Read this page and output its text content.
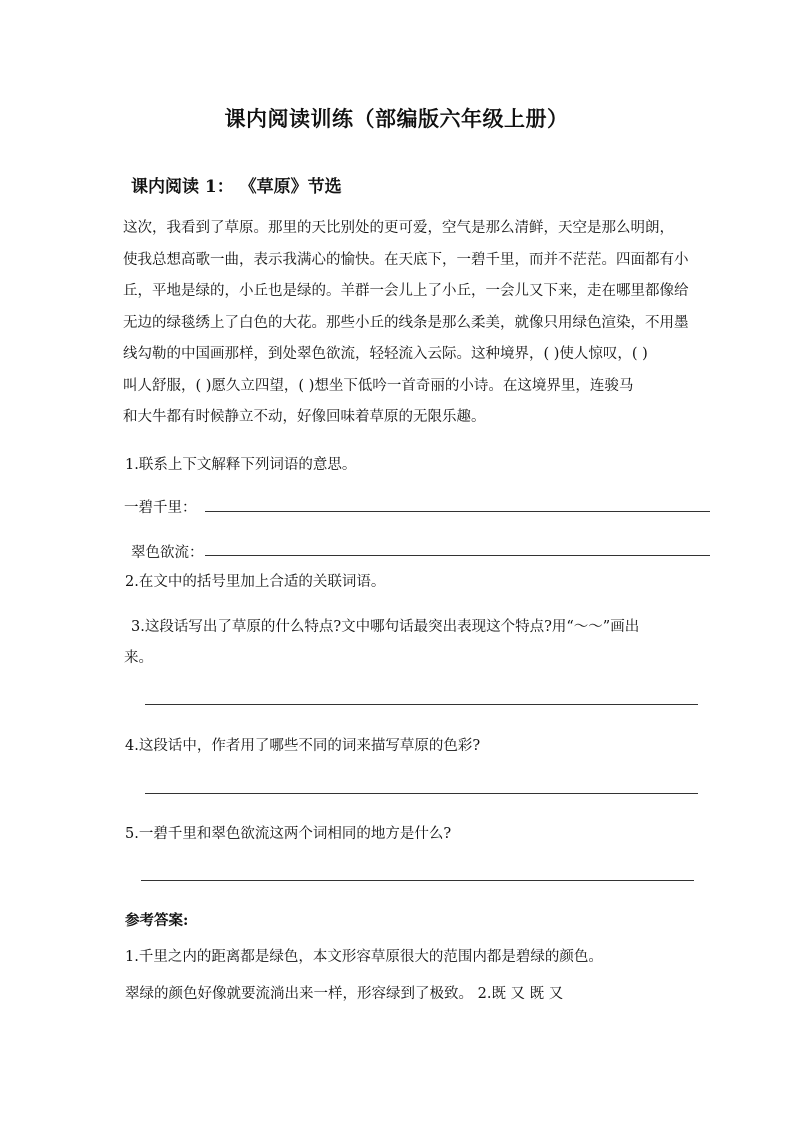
课内阅读训练（部编版六年级上册）
课内阅读 1： 《草原》节选
这次，我看到了草原。那里的天比别处的更可爱，空气是那么清鲜，天空是那么明朗，
使我总想高歌一曲，表示我满心的愉快。在天底下，一碧千里，而并不茫茫。四面都有小
丘，平地是绿的，小丘也是绿的。羊群一会儿上了小丘，一会儿又下来，走在哪里都像给
无边的绿毯绣上了白色的大花。那些小丘的线条是那么柔美，就像只用绿色渲染，不用墨
线勾勒的中国画那样，到处翠色欲流，轻轻流入云际。这种境界，( )使人惊叹，( )
叫人舒服，( )愿久立四望，( )想坐下低吟一首奇丽的小诗。在这境界里，连骏马
和大牛都有时候静立不动，好像回味着草原的无限乐趣。
1.联系上下文解释下列词语的意思。
一碧千里：
翠色欲流：
2.在文中的括号里加上合适的关联词语。
3.这段话写出了草原的什么特点?文中哪句话最突出表现这个特点?用“～～”画出
来。
4.这段话中，作者用了哪些不同的词来描写草原的色彩?
5.一碧千里和翠色欲流这两个词相同的地方是什么?
参考答案:
1.千里之内的距离都是绿色，本文形容草原很大的范围内都是碧绿的颜色。
翠绿的颜色好像就要流淌出来一样，形容绿到了极致。 2.既 又 既 又
